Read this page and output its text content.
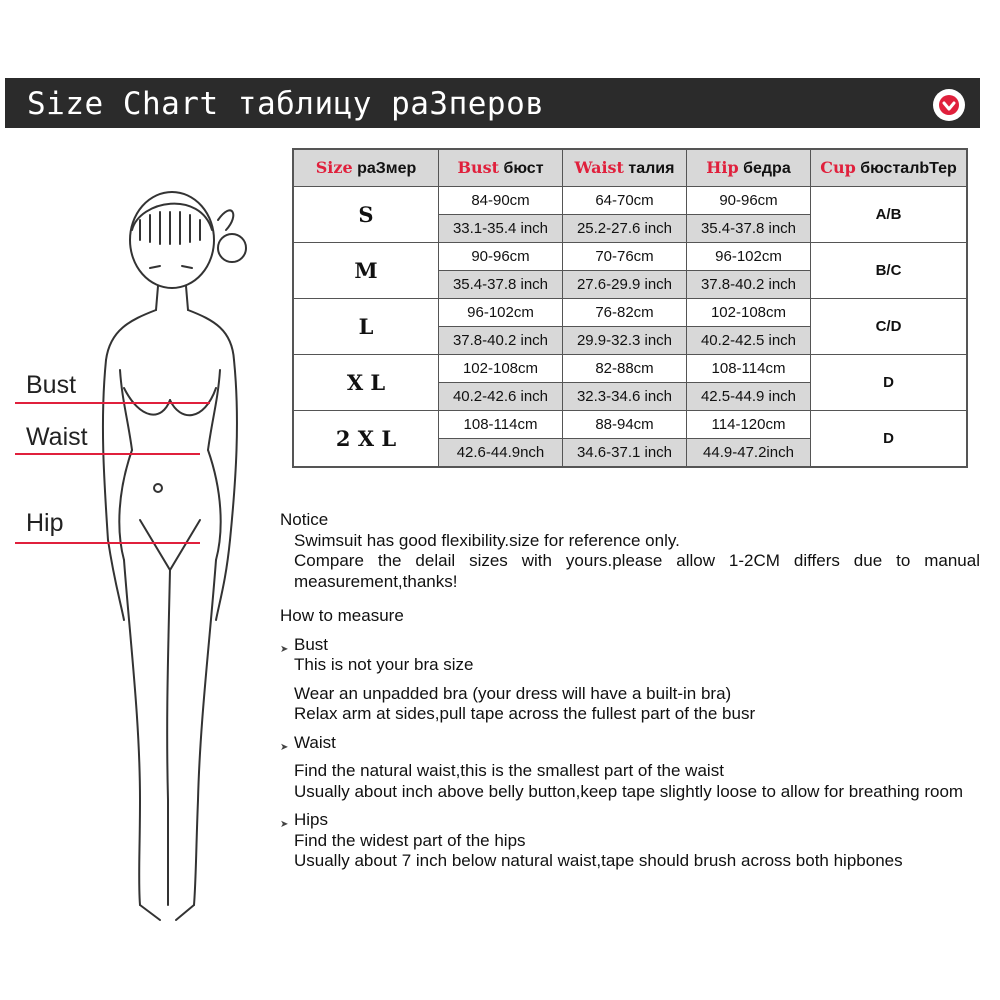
Size Chart таблицу pa3перов
Bust
Waist
Hip
Size paЗмер	Bust бюст	Waist талия	Hip бедра	Cup бюсталbТер
S	84-90cm	64-70cm	90-96cm	A/B
	33.1-35.4 inch	25.2-27.6 inch	35.4-37.8 inch	
M	90-96cm	70-76cm	96-102cm	B/C
	35.4-37.8 inch	27.6-29.9 inch	37.8-40.2 inch	
L	96-102cm	76-82cm	102-108cm	C/D
	37.8-40.2 inch	29.9-32.3 inch	40.2-42.5 inch	
X L	102-108cm	82-88cm	108-114cm	D
	40.2-42.6 inch	32.3-34.6 inch	42.5-44.9 inch	
2 X L	108-114cm	88-94cm	114-120cm	D
	42.6-44.9nch	34.6-37.1 inch	44.9-47.2inch	
Notice
Swimsuit has good flexibility.size for reference only.
Compare the delail sizes with yours.please allow 1-2CM differs due to manual measurement,thanks!
How to measure
➤ Bust
This is not your bra size
Wear an unpadded bra (your dress will have a built-in bra)
Relax arm at sides,pull tape across the fullest part of the busr
➤ Waist
Find the natural waist,this is the smallest part of the waist
Usually about inch above belly button,keep tape slightly loose to allow for breathing room
➤ Hips
Find the widest part of the hips
Usually about 7 inch below natural waist,tape should brush across both hipbones
